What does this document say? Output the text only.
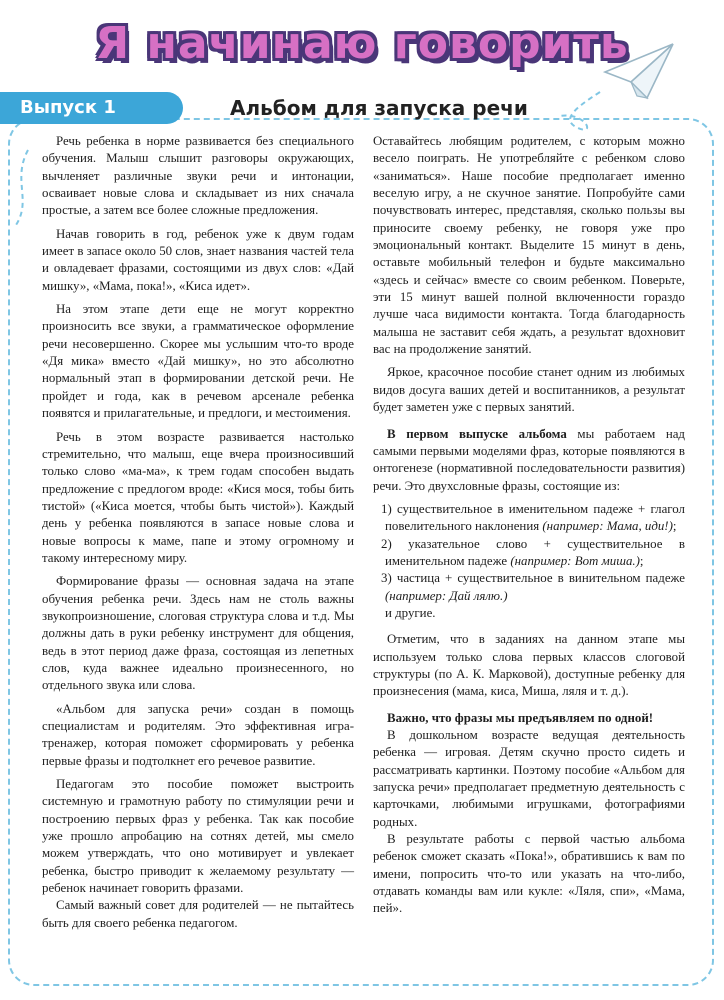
Я начинаю говорить
Выпуск 1	Альбом для запуска речи

Речь ребенка в норме развивается без специального обучения. Малыш слышит разговоры окружающих, вычленяет различные звуки речи и интонации, осваивает новые слова и складывает из них сначала простые, а затем все более сложные предложения.

Начав говорить в год, ребенок уже к двум годам имеет в запасе около 50 слов, знает названия частей тела и овладевает фразами, состоящими из двух слов: «Дай мишку», «Мама, пока!», «Киса идет».

На этом этапе дети еще не могут корректно произносить все звуки, а грамматическое оформление речи несовершенно. Скорее мы услышим что-то вроде «Дя мика» вместо «Дай мишку», но это абсолютно нормальный этап в формировании детской речи. Не пройдет и года, как в речевом арсенале ребенка появятся и прилагательные, и предлоги, и местоимения.

Речь в этом возрасте развивается настолько стремительно, что малыш, еще вчера произносивший только слово «ма-ма», к трем годам способен выдать предложение с предлогом вроде: «Кися мося, тобы бить тистой» («Киса моется, чтобы быть чистой»). Каждый день у ребенка появляются в запасе новые слова и новые вопросы к маме, папе и этому огромному и такому интересному миру.

Формирование фразы — основная задача на этапе обучения ребенка речи. Здесь нам не столь важны звукопроизношение, слоговая структура слова и т.д. Мы должны дать в руки ребенку инструмент для общения, ведь в этот период даже фраза, состоящая из лепетных слов, куда важнее идеально произнесенного, но отдельного звука или слова.

«Альбом для запуска речи» создан в помощь специалистам и родителям. Это эффективная игра-тренажер, которая поможет сформировать у ребенка первые фразы и подтолкнет его речевое развитие.

Педагогам это пособие поможет выстроить системную и грамотную работу по стимуляции речи и построению первых фраз у ребенка. Так как пособие уже прошло апробацию на сотнях детей, мы смело можем утверждать, что оно мотивирует и увлекает ребенка, быстро приводит к желаемому результату — ребенок начинает говорить фразами.

Самый важный совет для родителей — не пытайтесь быть для своего ребенка педагогом.

Оставайтесь любящим родителем, с которым можно весело поиграть. Не употребляйте с ребенком слово «заниматься». Наше пособие предполагает именно веселую игру, а не скучное занятие. Попробуйте сами почувствовать интерес, представляя, сколько пользы вы приносите своему ребенку, не говоря уже про эмоциональный контакт. Выделите 15 минут в день, оставьте мобильный телефон и будьте максимально «здесь и сейчас» вместе со своим ребенком. Поверьте, эти 15 минут вашей полной включенности гораздо лучше часа видимости контакта. Тогда благодарность малыша не заставит себя ждать, а результат вдохновит вас на продолжение занятий.

Яркое, красочное пособие станет одним из любимых видов досуга ваших детей и воспитанников, а результат будет заметен уже с первых занятий.

В первом выпуске альбома мы работаем над самыми первыми моделями фраз, которые появляются в онтогенезе (нормативной последовательности развития) речи. Это двухсловные фразы, состоящие из:

1) существительное в именительном падеже + глагол повелительного наклонения (например: Мама, иди!);

2) указательное слово + существительное в именительном падеже (например: Вот миша.);

3) частица + существительное в винительном падеже (например: Дай лялю.)

и другие.

Отметим, что в заданиях на данном этапе мы используем только слова первых классов слоговой структуры (по А. К. Марковой), доступные ребенку для произнесения (мама, киса, Миша, ляля и т. д.).

Важно, что фразы мы предъявляем по одной!

В дошкольном возрасте ведущая деятельность ребенка — игровая. Детям скучно просто сидеть и рассматривать картинки. Поэтому пособие «Альбом для запуска речи» предполагает предметную деятельность с карточками, любимыми игрушками, фотографиями родных.

В результате работы с первой частью альбома ребенок сможет сказать «Пока!», обратившись к вам по имени, попросить что-то или указать на что-либо, отдавать команды вам или кукле: «Ляля, спи», «Мама, пей».
